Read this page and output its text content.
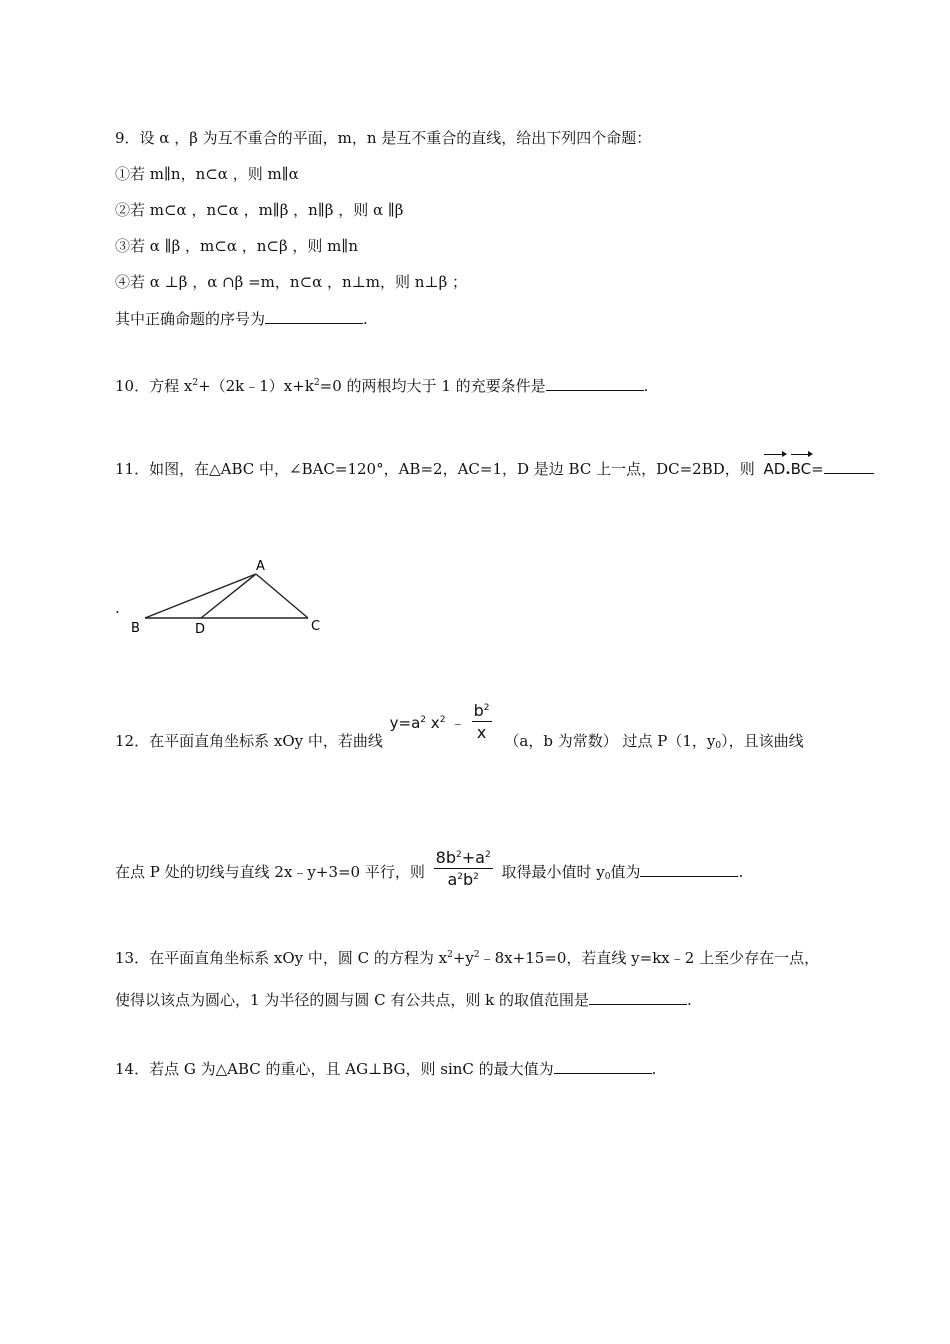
9．设 α ，β 为互不重合的平面，m，n 是互不重合的直线，给出下列四个命题：
①若 m∥n，n⊂α ，则 m∥α
②若 m⊂α ，n⊂α ，m∥β ，n∥β ，则 α ∥β
③若 α ∥β ，m⊂α ，n⊂β ，则 m∥n
④若 α ⊥β ，α ∩β =m，n⊂α ，n⊥m，则 n⊥β ；
其中正确命题的序号为	.
10．方程 $x^2+(2k﹣1)x+k^2=0$ 的两根均大于 1 的充要条件是	.
11．如图，在△ABC 中，∠BAC=120°，AB=2，AC=1，D 是边 BC 上一点，DC=2BD，则 AD.
BC=
.
A
B	D	C
12．在平面直角坐标系 xOy 中，若曲线
$y=a^2$ $x^2$ ﹣ $\frac{b^2}{x} (a$，b 为常数） 过点 P（1，$y_0$），且该曲线
在点 P 处的切线与直线 2x﹣y+3=0 平行，则 $\frac{8b^2+a^2}{a^2b^2}$ 取得最小值时 $y_0$值为	.
13．在平面直角坐标系 xOy 中，圆 C 的方程为 $x^2+y^2﹣8x+15=0$，若直线 y=kx﹣2 上至少存在一点，
使得以该点为圆心，1 为半径的圆与圆 C 有公共点，则 k 的取值范围是	.
14．若点 G 为△ABC 的重心，且 AG⊥BG，则 sinC 的最大值为	.
